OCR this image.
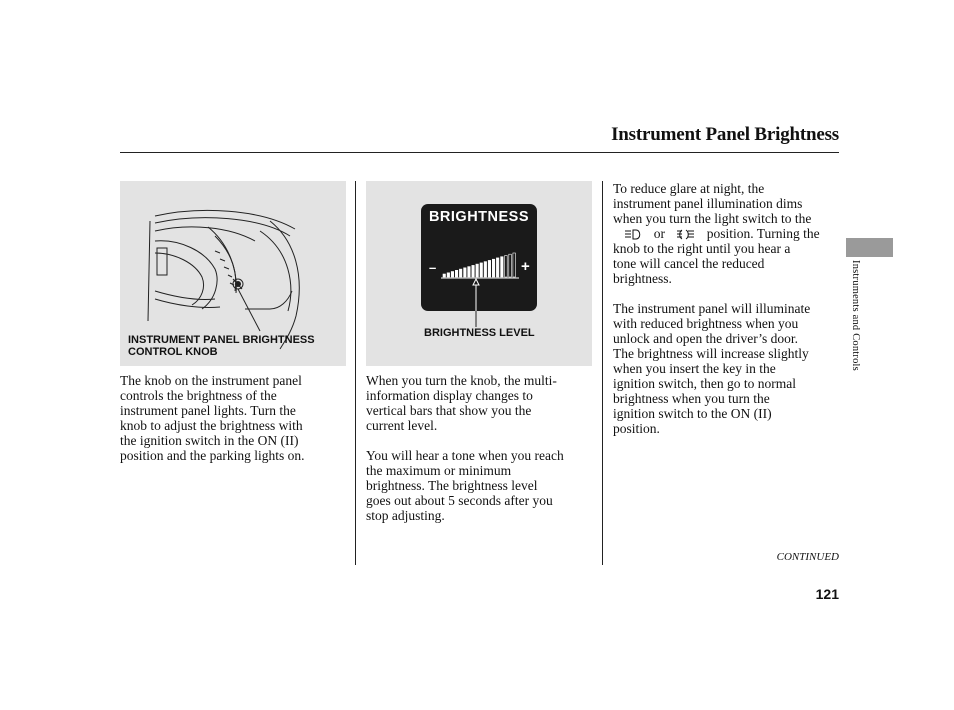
Instrument Panel Brightness
INSTRUMENT PANEL BRIGHTNESS
CONTROL KNOB
BRIGHTNESS
–	+
BRIGHTNESS LEVEL
The knob on the instrument panel
controls the brightness of the
instrument panel lights. Turn the
knob to adjust the brightness with
the ignition switch in the ON (II)
position and the parking lights on.
When you turn the knob, the multi-
information display changes to
vertical bars that show you the
current level.
You will hear a tone when you reach
the maximum or minimum
brightness. The brightness level
goes out about 5 seconds after you
stop adjusting.
To reduce glare at night, the
instrument panel illumination dims
when you turn the light switch to the
or	position. Turning the
knob to the right until you hear a
tone will cancel the reduced
brightness.
The instrument panel will illuminate
with reduced brightness when you
unlock and open the driver’s door.
The brightness will increase slightly
when you insert the key in the
ignition switch, then go to normal
brightness when you turn the
ignition switch to the ON (II)
position.
Instruments and Controls
CONTINUED
121
